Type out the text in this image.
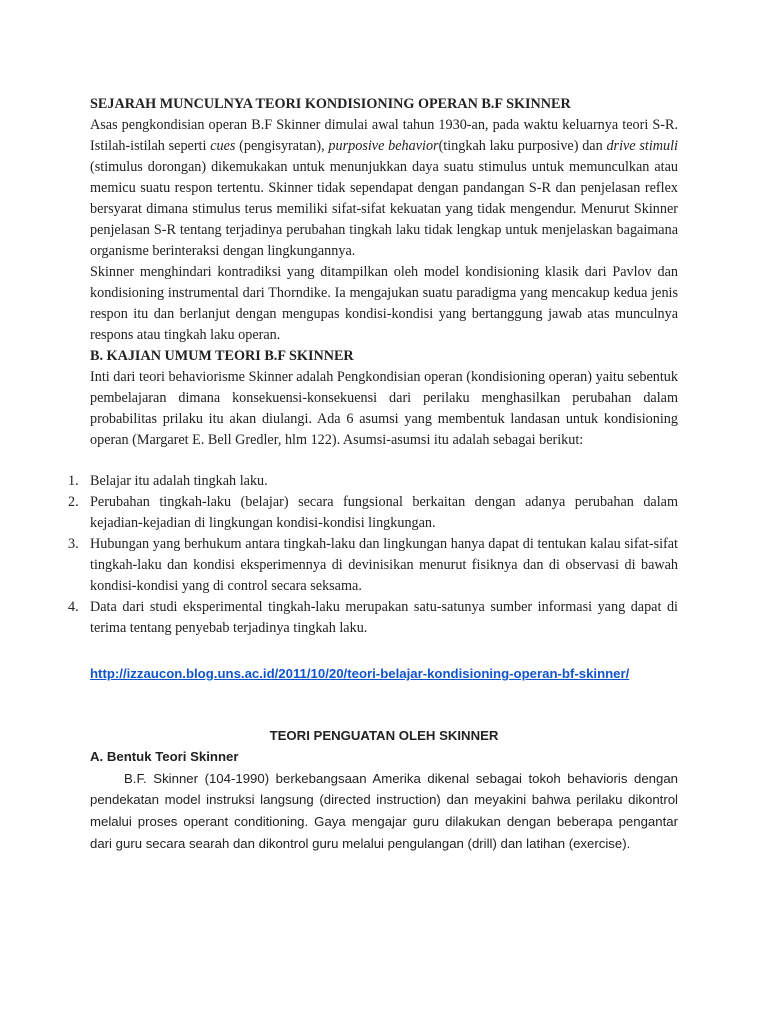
SEJARAH MUNCULNYA TEORI KONDISIONING OPERAN B.F SKINNER

Asas pengkondisian operan B.F Skinner dimulai awal tahun 1930-an, pada waktu keluarnya teori S-R. Istilah-istilah seperti cues (pengisyratan), purposive behavior(tingkah laku purposive) dan drive stimuli (stimulus dorongan) dikemukakan untuk menunjukkan daya suatu stimulus untuk memunculkan atau memicu suatu respon tertentu. Skinner tidak sependapat dengan pandangan S-R dan penjelasan reflex bersyarat dimana stimulus terus memiliki sifat-sifat kekuatan yang tidak mengendur. Menurut Skinner penjelasan S-R tentang terjadinya perubahan tingkah laku tidak lengkap untuk menjelaskan bagaimana organisme berinteraksi dengan lingkungannya.

Skinner menghindari kontradiksi yang ditampilkan oleh model kondisioning klasik dari Pavlov dan kondisioning instrumental dari Thorndike. Ia mengajukan suatu paradigma yang mencakup kedua jenis respon itu dan berlanjut dengan mengupas kondisi-kondisi yang bertanggung jawab atas munculnya respons atau tingkah laku operan.

B. KAJIAN UMUM TEORI B.F SKINNER

Inti dari teori behaviorisme Skinner adalah Pengkondisian operan (kondisioning operan) yaitu sebentuk pembelajaran dimana konsekuensi-konsekuensi dari perilaku menghasilkan perubahan dalam probabilitas prilaku itu akan diulangi. Ada 6 asumsi yang membentuk landasan untuk kondisioning operan (Margaret E. Bell Gredler, hlm 122). Asumsi-asumsi itu adalah sebagai berikut:

1. Belajar itu adalah tingkah laku.
2. Perubahan tingkah-laku (belajar) secara fungsional berkaitan dengan adanya perubahan dalam kejadian-kejadian di lingkungan kondisi-kondisi lingkungan.
3. Hubungan yang berhukum antara tingkah-laku dan lingkungan hanya dapat di tentukan kalau sifat-sifat tingkah-laku dan kondisi eksperimennya di devinisikan menurut fisiknya dan di observasi di bawah kondisi-kondisi yang di control secara seksama.
4. Data dari studi eksperimental tingkah-laku merupakan satu-satunya sumber informasi yang dapat di terima tentang penyebab terjadinya tingkah laku.
http://izzaucon.blog.uns.ac.id/2011/10/20/teori-belajar-kondisioning-operan-bf-skinner/
TEORI PENGUATAN OLEH SKINNER
A. Bentuk Teori Skinner

B.F. Skinner (104-1990) berkebangsaan Amerika dikenal sebagai tokoh behavioris dengan pendekatan model instruksi langsung (directed instruction) dan meyakini bahwa perilaku dikontrol melalui proses operant conditioning. Gaya mengajar guru dilakukan dengan beberapa pengantar dari guru secara searah dan dikontrol guru melalui pengulangan (drill) dan latihan (exercise).
